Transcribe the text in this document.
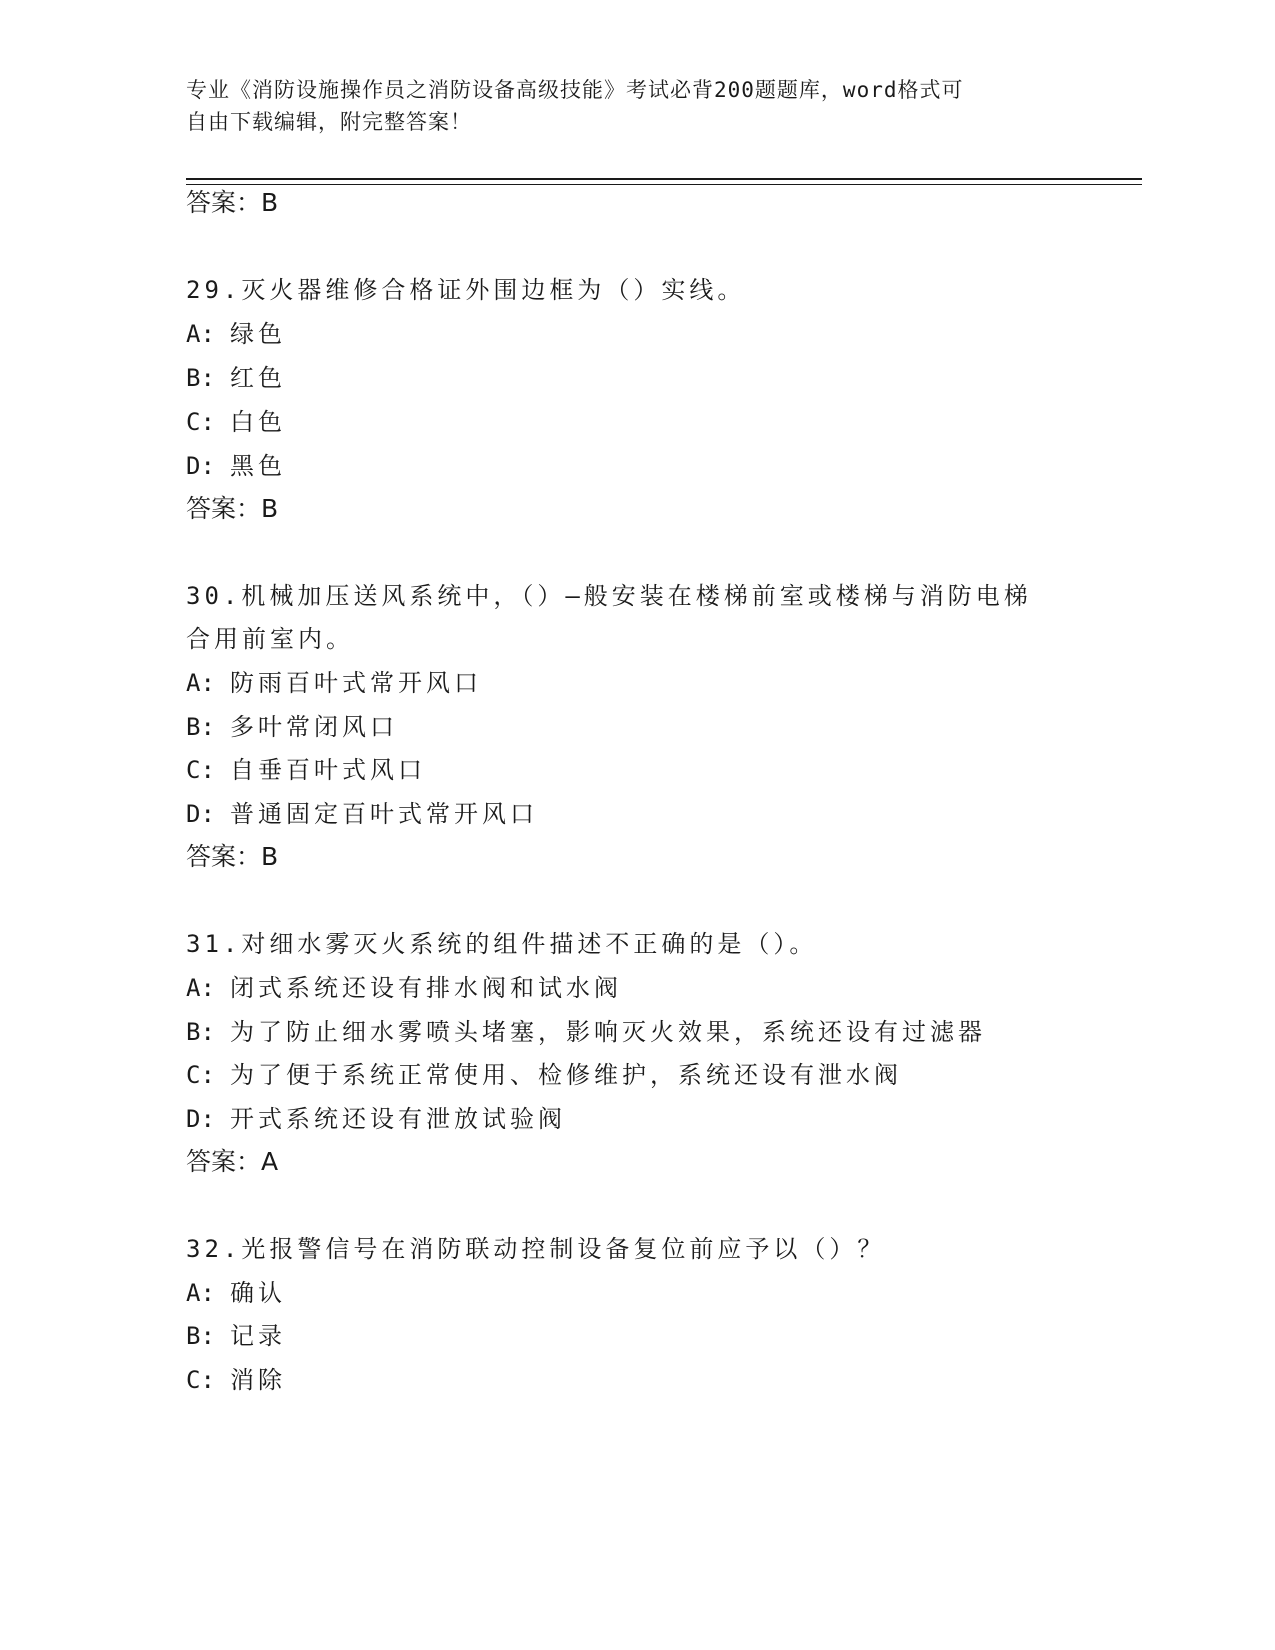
专业《消防设施操作员之消防设备高级技能》考试必背200题题库，word格式可
自由下载编辑，附完整答案！
答案：B
29.灭火器维修合格证外围边框为（）实线。
A: 绿色
B: 红色
C: 白色
D: 黑色
答案：B
30.机械加压送风系统中，（）—般安装在楼梯前室或楼梯与消防电梯
合用前室内。
A: 防雨百叶式常开风口
B: 多叶常闭风口
C: 自垂百叶式风口
D: 普通固定百叶式常开风口
答案：B
31.对细水雾灭火系统的组件描述不正确的是（）。
A: 闭式系统还设有排水阀和试水阀
B: 为了防止细水雾喷头堵塞，影响灭火效果，系统还设有过滤器
C: 为了便于系统正常使用、检修维护，系统还设有泄水阀
D: 开式系统还设有泄放试验阀
答案：A
32.光报警信号在消防联动控制设备复位前应予以（）？
A: 确认
B: 记录
C: 消除
